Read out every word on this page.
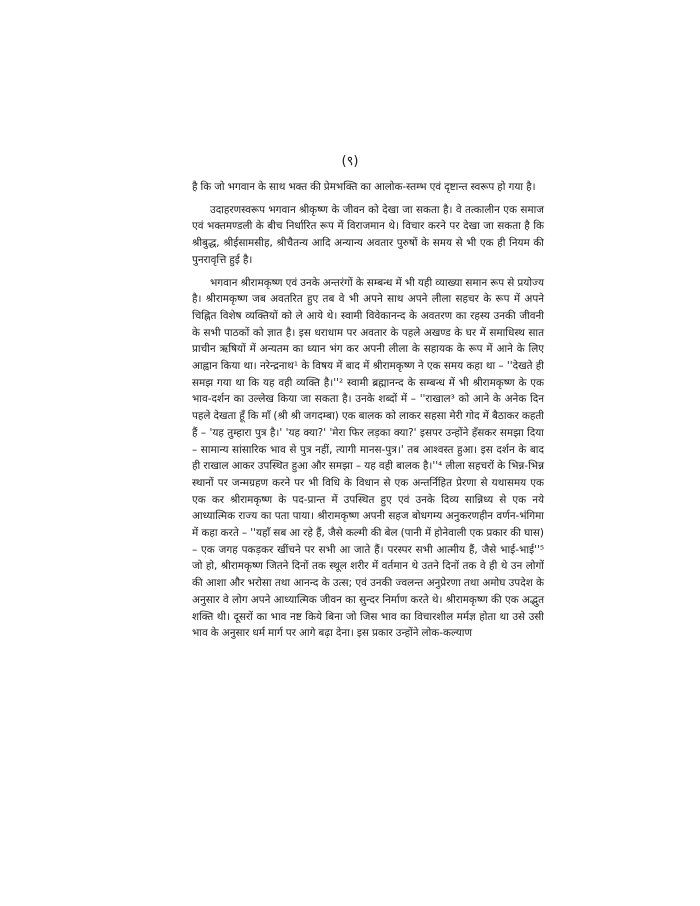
(९)

है कि जो भगवान के साथ भक्त की प्रेमभक्ति का आलोक-स्तम्भ एवं दृष्टान्त स्वरूप हो गया है।

उदाहरणस्वरूप भगवान श्रीकृष्ण के जीवन को देखा जा सकता है। वे तत्कालीन एक समाज एवं भक्तमण्डली के बीच निर्धारित रूप में विराजमान थे। विचार करने पर देखा जा सकता है कि श्रीबुद्ध, श्रीईसामसीह, श्रीचैतन्य आदि अन्यान्य अवतार पुरुषों के समय से भी एक ही नियम की पुनरावृत्ति हुई है।

भगवान श्रीरामकृष्ण एवं उनके अन्तरंगों के सम्बन्ध में भी यही व्याख्या समान रूप से प्रयोज्य है। श्रीरामकृष्ण जब अवतरित हुए तब वे भी अपने साथ अपने लीला सहचर के रूप में अपने चिह्नित विशेष व्यक्तियों को ले आये थे। स्वामी विवेकानन्द के अवतरण का रहस्य उनकी जीवनी के सभी पाठकों को ज्ञात है। इस धराधाम पर अवतार के पहले अखण्ड के घर में समाधिस्थ सात प्राचीन ऋषियों में अन्यतम का ध्यान भंग कर अपनी लीला के सहायक के रूप में आने के लिए आह्वान किया था। नरेन्द्रनाथ¹ के विषय में बाद में श्रीरामकृष्ण ने एक समय कहा था – ''देखते ही समझ गया था कि यह वही व्यक्ति है।''² स्वामी ब्रह्मानन्द के सम्बन्ध में भी श्रीरामकृष्ण के एक भाव-दर्शन का उल्लेख किया जा सकता है। उनके शब्दों में – ''राखाल³ को आने के अनेक दिन पहले देखता हूँ कि माँ (श्री श्री जगदम्बा) एक बालक को लाकर सहसा मेरी गोद में बैठाकर कहती हैं – 'यह तुम्हारा पुत्र है।' 'यह क्या?' 'मेरा फिर लड़का क्या?' इसपर उन्होंने हँसकर समझा दिया – सामान्य सांसारिक भाव से पुत्र नहीं, त्यागी मानस-पुत्र।' तब आश्वस्त हुआ। इस दर्शन के बाद ही राखाल आकर उपस्थित हुआ और समझा – यह वही बालक है।''⁴ लीला सहचरों के भिन्न-भिन्न स्थानों पर जन्मग्रहण करने पर भी विधि के विधान से एक अन्तर्निहित प्रेरणा से यथासमय एक एक कर श्रीरामकृष्ण के पद-प्रान्त में उपस्थित हुए एवं उनके दिव्य सान्निध्य से एक नये आध्यात्मिक राज्य का पता पाया। श्रीरामकृष्ण अपनी सहज बोधगम्य अनुकरणहीन वर्णन-भंगिमा में कहा करते – ''यहाँ सब आ रहे हैं, जैसे कल्मी की बेल (पानी में होनेवाली एक प्रकार की घास) – एक जगह पकड़कर खींचने पर सभी आ जाते हैं। परस्पर सभी आत्मीय हैं, जैसे भाई-भाई''⁵ जो हो, श्रीरामकृष्ण जितने दिनों तक स्थूल शरीर में वर्तमान थे उतने दिनों तक वे ही थे उन लोगों की आशा और भरोसा तथा आनन्द के उत्स; एवं उनकी ज्वलन्त अनुप्रेरणा तथा अमोघ उपदेश के अनुसार वे लोग अपने आध्यात्मिक जीवन का सुन्दर निर्माण करते थे। श्रीरामकृष्ण की एक अद्भुत शक्ति थी। दूसरों का भाव नष्ट किये बिना जो जिस भाव का विचारशील मर्मज्ञ होता था उसे उसी भाव के अनुसार धर्म मार्ग पर आगे बढ़ा देना। इस प्रकार उन्होंने लोक-कल्याण
